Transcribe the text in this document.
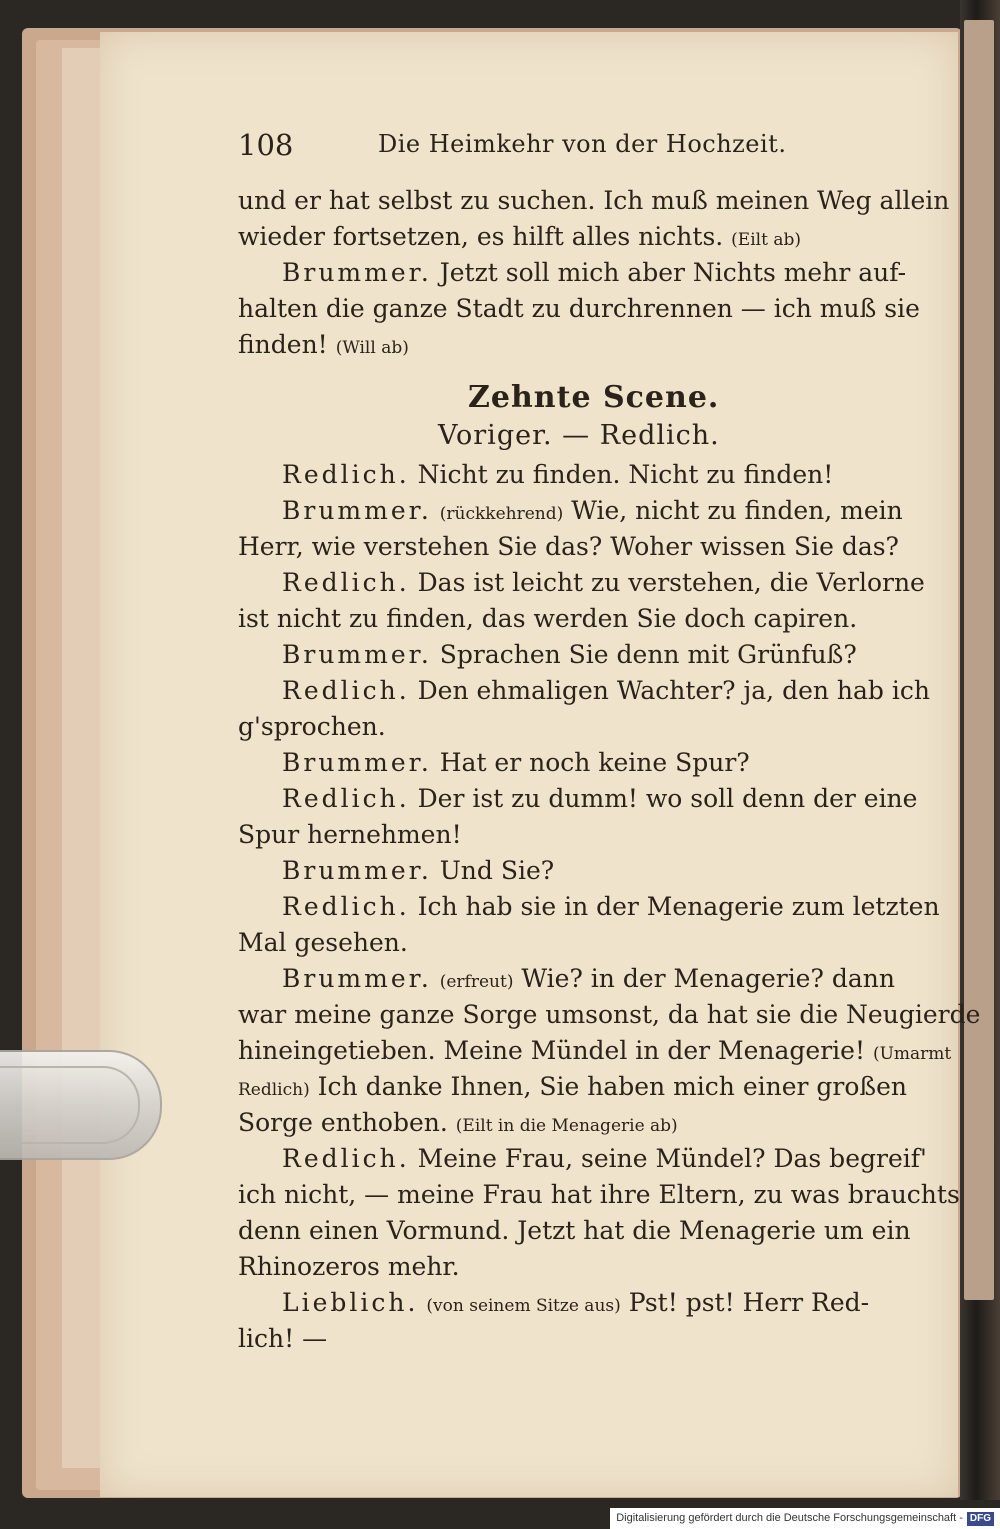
108	Die Heimkehr von der Hochzeit.
und er hat selbst zu suchen. Ich muß meinen Weg allein
wieder fortsetzen, es hilft alles nichts. (Eilt ab)
Brummer. Jetzt soll mich aber Nichts mehr auf-
halten die ganze Stadt zu durchrennen — ich muß sie
finden! (Will ab)
Zehnte Scene.
Voriger. — Redlich.
Redlich. Nicht zu finden. Nicht zu finden!
Brummer. (rückkehrend) Wie, nicht zu finden, mein
Herr, wie verstehen Sie das? Woher wissen Sie das?
Redlich. Das ist leicht zu verstehen, die Verlorne
ist nicht zu finden, das werden Sie doch capiren.
Brummer. Sprachen Sie denn mit Grünfuß?
Redlich. Den ehmaligen Wachter? ja, den hab ich
g'sprochen.
Brummer. Hat er noch keine Spur?
Redlich. Der ist zu dumm! wo soll denn der eine
Spur hernehmen!
Brummer. Und Sie?
Redlich. Ich hab sie in der Menagerie zum letzten
Mal gesehen.
Brummer. (erfreut) Wie? in der Menagerie? dann
war meine ganze Sorge umsonst, da hat sie die Neugierde
hineingetieben. Meine Mündel in der Menagerie! (Umarmt
Redlich) Ich danke Ihnen, Sie haben mich einer großen
Sorge enthoben. (Eilt in die Menagerie ab)
Redlich. Meine Frau, seine Mündel? Das begreif'
ich nicht, — meine Frau hat ihre Eltern, zu was brauchts
denn einen Vormund. Jetzt hat die Menagerie um ein
Rhinozeros mehr.
Lieblich. (von seinem Sitze aus) Pst! pst! Herr Red-
lich! —
Digitalisierung gefördert durch die Deutsche Forschungsgemeinschaft - DFG
